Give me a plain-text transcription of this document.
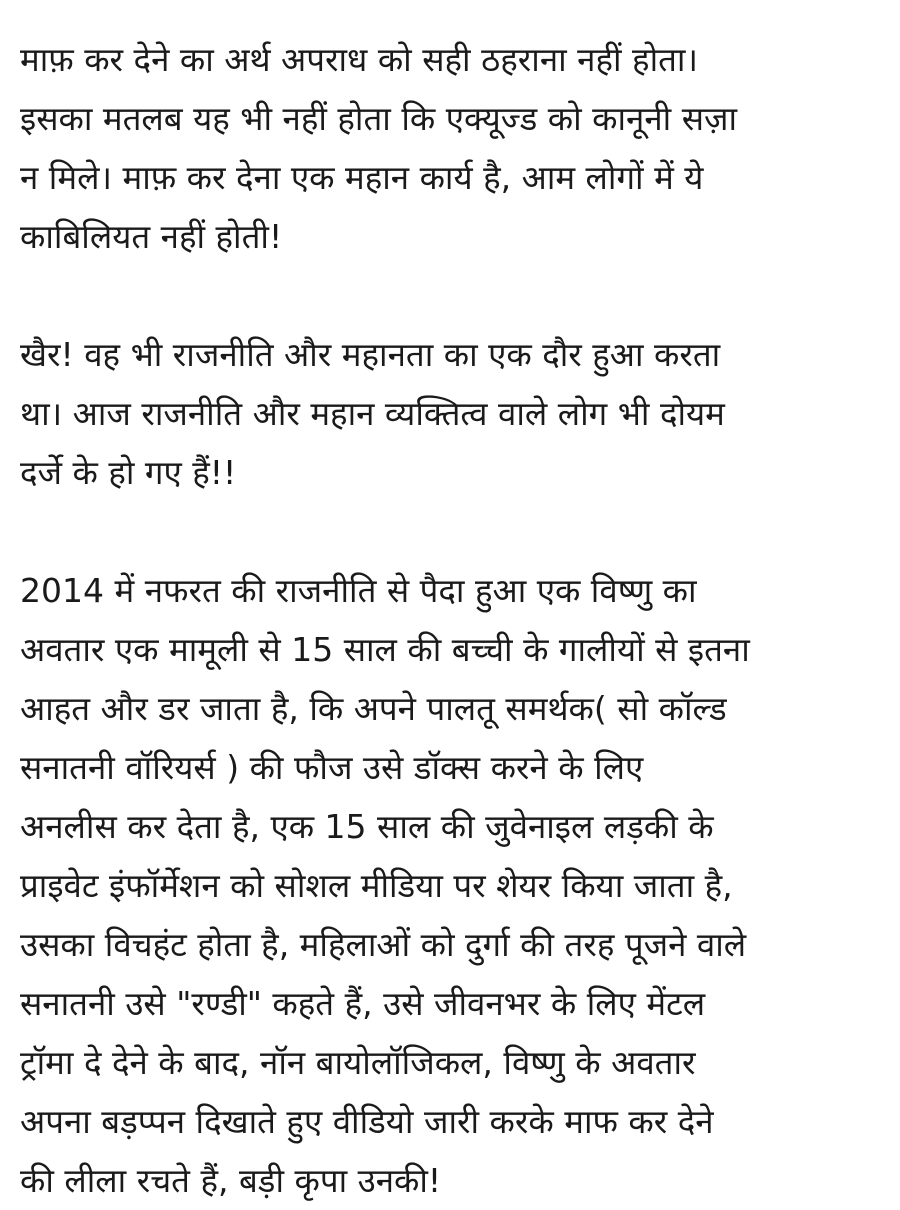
माफ़ कर देने का अर्थ अपराध को सही ठहराना नहीं होता।
इसका मतलब यह भी नहीं होता कि एक्यूज्ड को कानूनी सज़ा
न मिले। माफ़ कर देना एक महान कार्य है, आम लोगों में ये
काबिलियत नहीं होती!

खैर! वह भी राजनीति और महानता का एक दौर हुआ करता
था। आज राजनीति और महान व्यक्तित्व वाले लोग भी दोयम
दर्जे के हो गए हैं!!

2014 में नफरत की राजनीति से पैदा हुआ एक विष्णु का
अवतार एक मामूली से 15 साल की बच्ची के गालीयों से इतना
आहत और डर जाता है, कि अपने पालतू समर्थक( सो कॉल्ड
सनातनी वॉरियर्स ) की फौज उसे डॉक्स करने के लिए
अनलीस कर देता है, एक 15 साल की जुवेनाइल लड़की के
प्राइवेट इंफॉर्मेशन को सोशल मीडिया पर शेयर किया जाता है,
उसका विचहंट होता है, महिलाओं को दुर्गा की तरह पूजने वाले
सनातनी उसे "रण्डी" कहते हैं, उसे जीवनभर के लिए मेंटल
ट्रॉमा दे देने के बाद, नॉन बायोलॉजिकल, विष्णु के अवतार
अपना बड़प्पन दिखाते हुए वीडियो जारी करके माफ कर देने
की लीला रचते हैं, बड़ी कृपा उनकी!
